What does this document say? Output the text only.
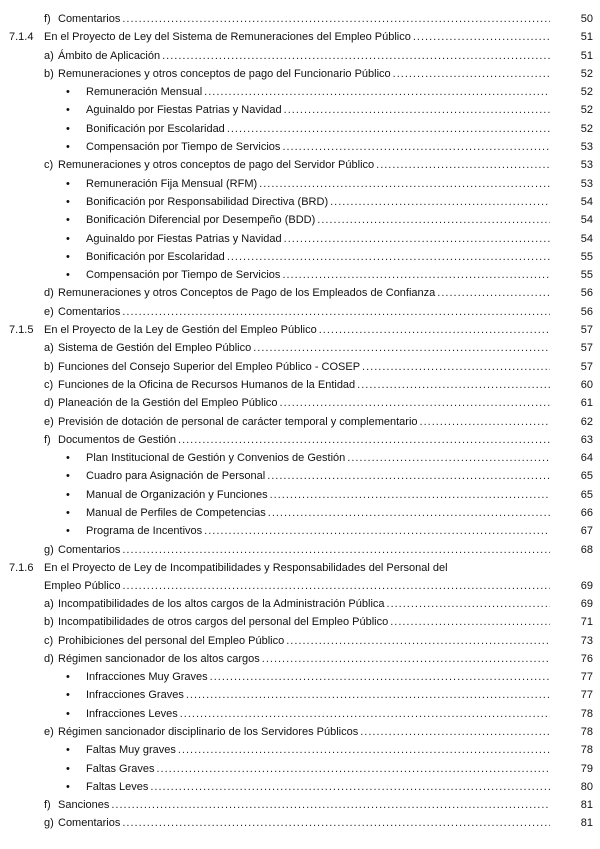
f) Comentarios .....	50
7.1.4 En el Proyecto de Ley del Sistema de Remuneraciones del Empleo Público .....	51
a) Ámbito de Aplicación .....	51
b) Remuneraciones y otros conceptos de pago del Funcionario Público .....	52
•	Remuneración Mensual .....	52
•	Aguinaldo por Fiestas Patrias y Navidad .....	52
•	Bonificación por Escolaridad .....	52
•	Compensación por Tiempo de Servicios .....	53
c) Remuneraciones y otros conceptos de pago del Servidor Público .....	53
•	Remuneración Fija Mensual (RFM) .....	53
•	Bonificación por Responsabilidad Directiva (BRD) .....	54
•	Bonificación Diferencial por Desempeño (BDD) .....	54
•	Aguinaldo por Fiestas Patrias y Navidad .....	54
•	Bonificación por Escolaridad .....	55
•	Compensación por Tiempo de Servicios .....	55
d) Remuneraciones y otros Conceptos de Pago de los Empleados de Confianza .....	56
e) Comentarios .....	56
7.1.5 En el Proyecto de la Ley de Gestión del Empleo Público .....	57
a) Sistema de Gestión del Empleo Público .....	57
b) Funciones del Consejo Superior del Empleo Público - COSEP .....	57
c) Funciones de la Oficina de Recursos Humanos de la Entidad .....	60
d) Planeación de la Gestión del Empleo Público .....	61
e) Previsión de dotación de personal de carácter temporal y complementario .....	62
f) Documentos de Gestión .....	63
•	Plan Institucional de Gestión y Convenios de Gestión .....	64
•	Cuadro para Asignación de Personal .....	65
•	Manual de Organización y Funciones .....	65
•	Manual de Perfiles de Competencias .....	66
•	Programa de Incentivos .....	67
g) Comentarios .....	68
7.1.6 En el Proyecto de Ley de Incompatibilidades y Responsabilidades del Personal del
Empleo Público .....	69
a) Incompatibilidades de los altos cargos de la Administración Pública .....	69
b) Incompatibilidades de otros cargos del personal del Empleo Público .....	71
c) Prohibiciones del personal del Empleo Público .....	73
d) Régimen sancionador de los altos cargos .....	76
•	Infracciones Muy Graves .....	77
•	Infracciones Graves .....	77
•	Infracciones Leves .....	78
e) Régimen sancionador disciplinario de los Servidores Públicos .....	78
•	Faltas Muy graves .....	78
•	Faltas Graves .....	79
•	Faltas Leves .....	80
f) Sanciones .....	81
g) Comentarios .....	81
